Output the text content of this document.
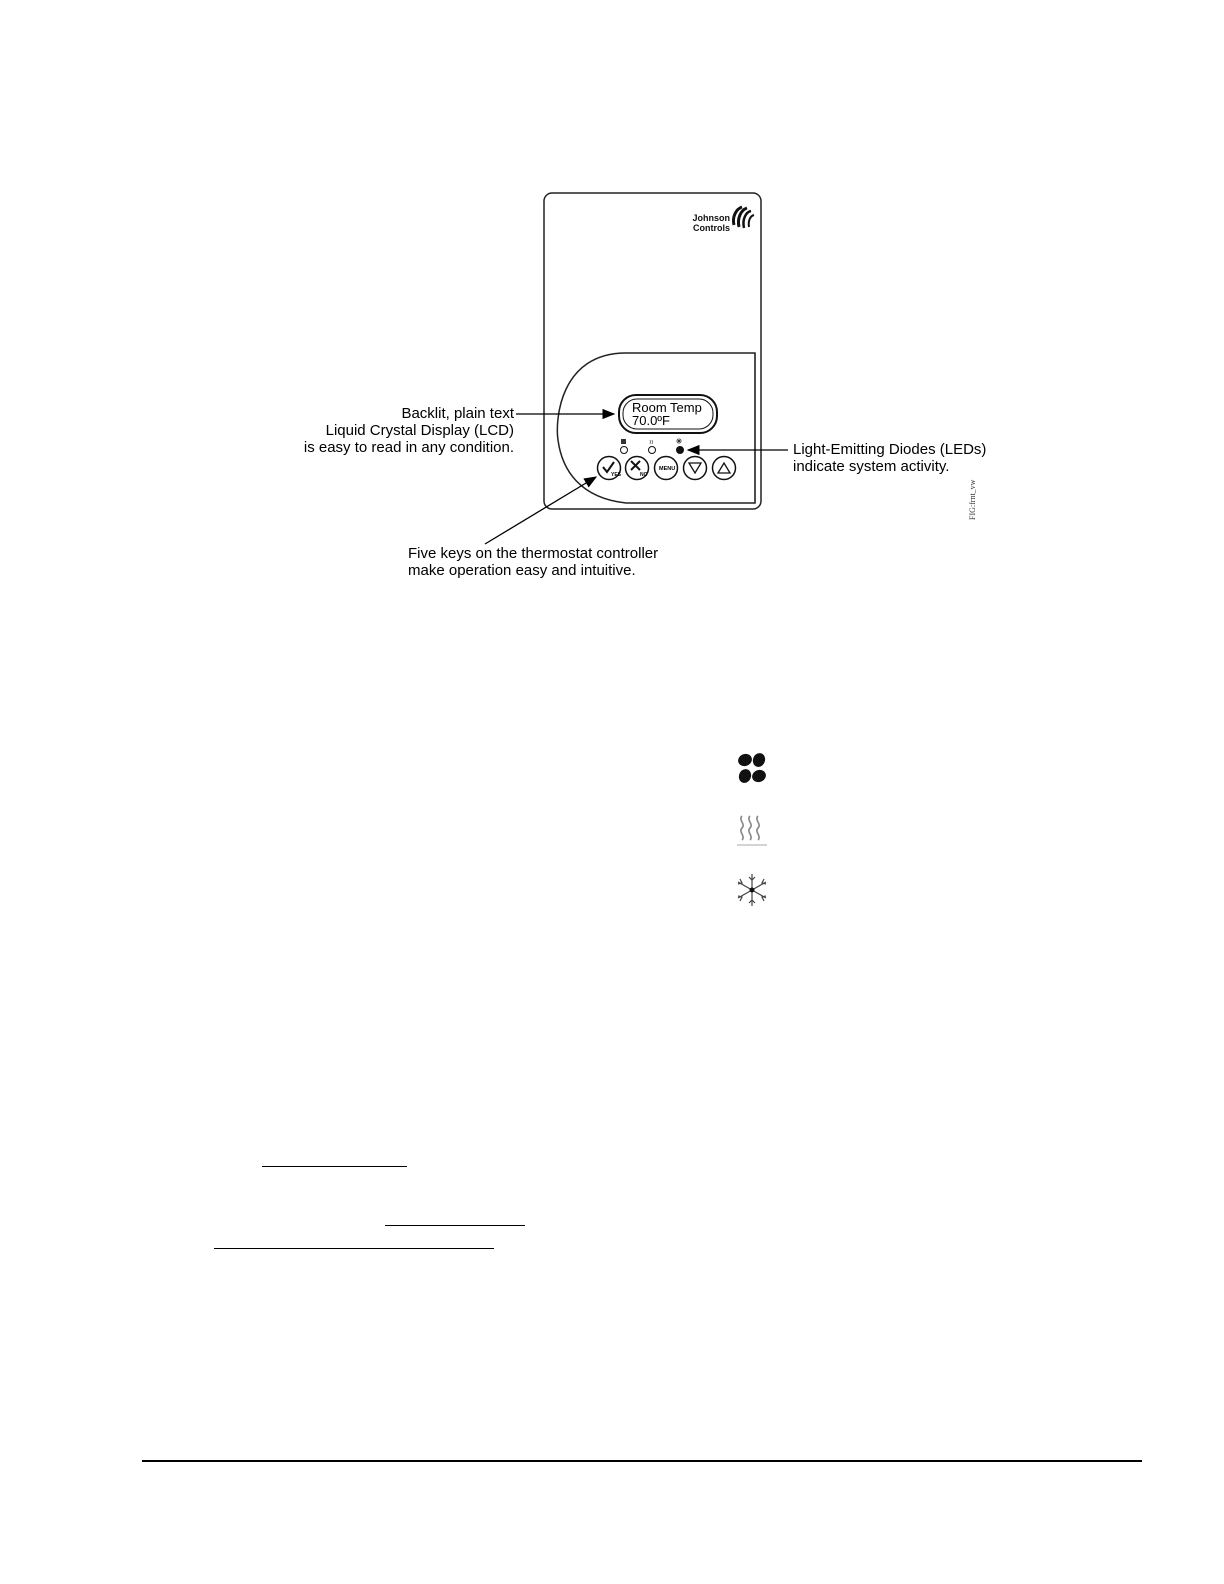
YES	NO
MENU
Johnson
Controls
Room Temp
70.0ºF
Backlit, plain text
Liquid Crystal Display (LCD)
is easy to read in any condition.	Light-Emitting Diodes (LEDs)
indicate system activity.
Five keys on the thermostat controller
make operation easy and intuitive.
FIG:frnt_vw
